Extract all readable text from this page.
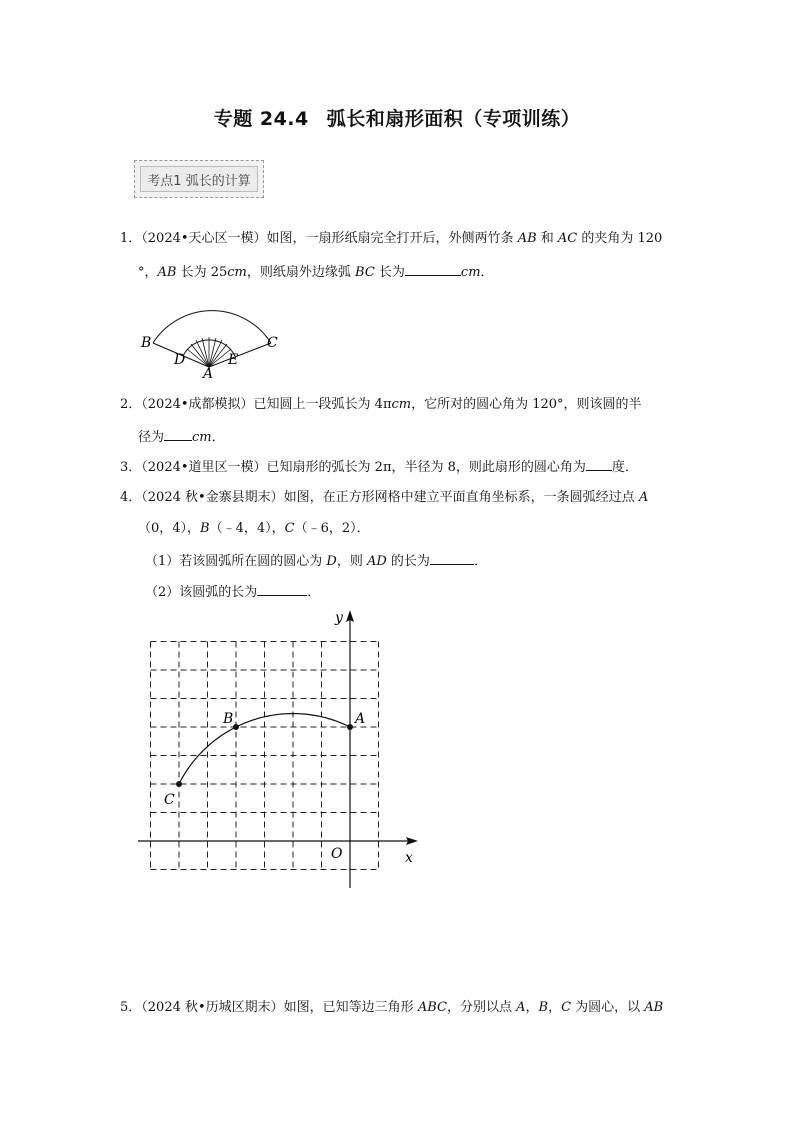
专题 24.4 弧长和扇形面积（专项训练）
考点1 弧长的计算
1．（2024•天心区一模）如图，一扇形纸扇完全打开后，外侧两竹条 AB 和 AC 的夹角为 120
°，AB 长为 25cm，则纸扇外边缘弧 BC 长为	cm．
B	C
D	E
A
2．（2024•成都模拟）已知圆上一段弧长为 4πcm，它所对的圆心角为 120°，则该圆的半
径为 cm．
3．（2024•道里区一模）已知扇形的弧长为 2π，半径为 8，则此扇形的圆心角为 度．
4．（2024 秋•金寨县期末）如图，在正方形网格中建立平面直角坐标系，一条圆弧经过点 A
（0，4），B（﹣4，4），C（﹣6，2）．
（1）若该圆弧所在圆的圆心为 D，则 AD 的长为	．
（2）该圆弧的长为	．
x
y
O
A
B
C
5．（2024 秋•历城区期末）如图，已知等边三角形 ABC，分别以点 A，B，C 为圆心，以 AB
